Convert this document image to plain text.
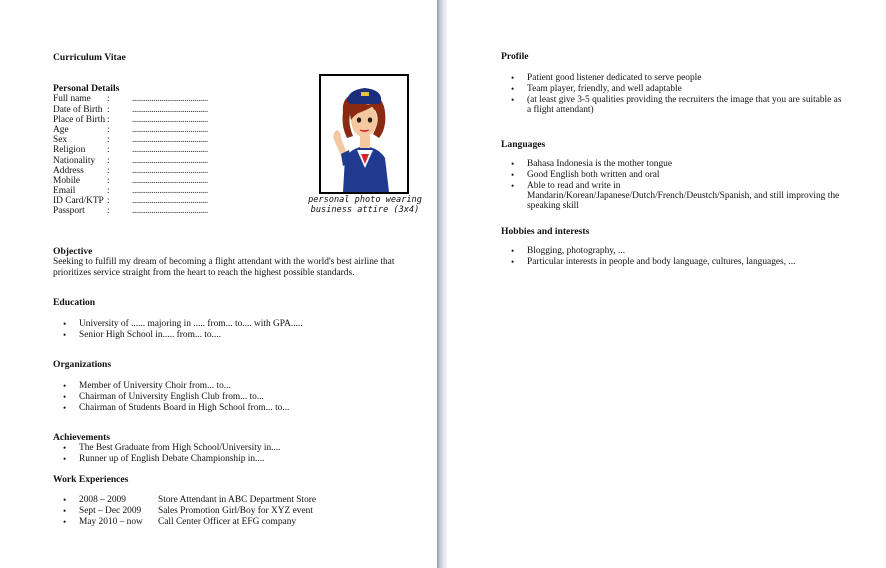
Curriculum Vitae
Personal Details
Full name	:	.......................................
Date of Birth :	.......................................
Place of Birth :	.......................................
Age	:	.......................................
Sex	:	.......................................
Religion	:	.......................................
Nationality	:	.......................................
Address	:	.......................................
Mobile	:	.......................................
Email	:	.......................................
ID Card/KTP :	.......................................
Passport	:	.......................................
personal photo wearing business attire (3x4)
Objective
Seeking to fulfill my dream of becoming a flight attendant with the world's best airline that prioritizes service straight from the heart to reach the highest possible standards.
Education
• University of ...... majoring in ..... from... to.... with GPA.....
• Senior High School in..... from... to....
Organizations
• Member of University Choir from... to...
• Chairman of University English Club from... to...
• Chairman of Students Board in High School from... to...
Achievements
• The Best Graduate from High School/University in....
• Runner up of English Debate Championship in....
Work Experiences
• 2008 – 2009	Store Attendant in ABC Department Store
• Sept – Dec 2009 Sales Promotion Girl/Boy for XYZ event
• May 2010 – now Call Center Officer at EFG company
Profile
• Patient good listener dedicated to serve people
• Team player, friendly, and well adaptable
• (at least give 3-5 qualities providing the recruiters the image that you are suitable as a flight attendant)
Languages
• Bahasa Indonesia is the mother tongue
• Good English both written and oral
• Able to read and write in Mandarin/Korean/Japanese/Dutch/French/Deustch/Spanish, and still improving the speaking skill
Hobbies and interests
• Blogging, photography, ...
• Particular interests in people and body language, cultures, languages, ...
